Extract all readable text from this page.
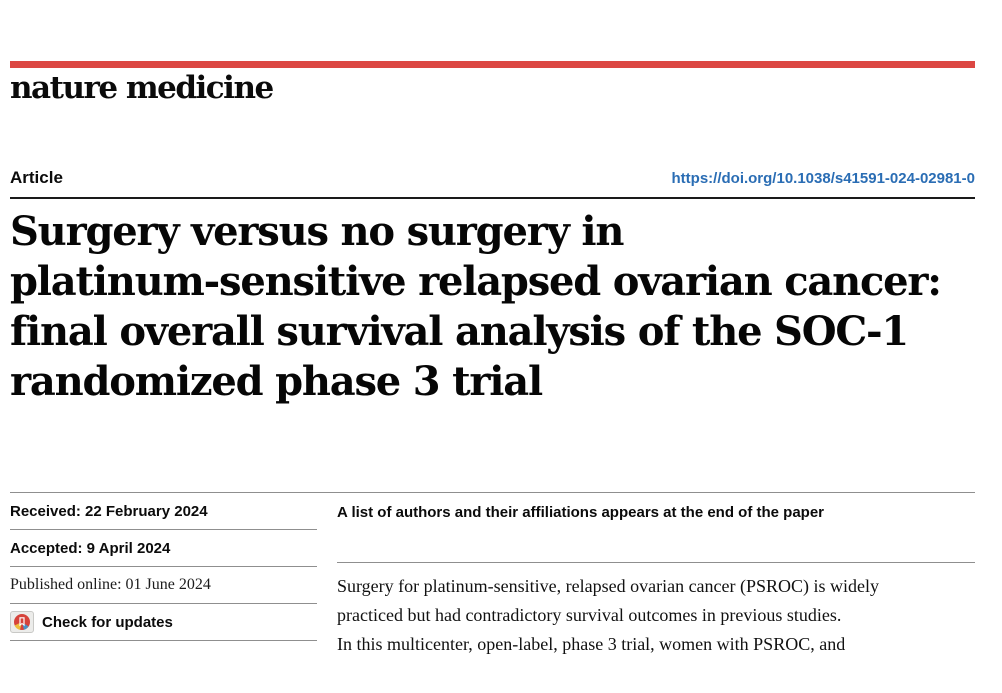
nature medicine
Article	https://doi.org/10.1038/s41591-024-02981-0
Surgery versus no surgery in
platinum-sensitive relapsed ovarian cancer:
final overall survival analysis of the SOC-1
randomized phase 3 trial
Received: 22 February 2024
Accepted: 9 April 2024
Published online: 01 June 2024
Check for updates
A list of authors and their affiliations appears at the end of the paper
Surgery for platinum-sensitive, relapsed ovarian cancer (PSROC) is widely
practiced but had contradictory survival outcomes in previous studies.
In this multicenter, open-label, phase 3 trial, women with PSROC, and
